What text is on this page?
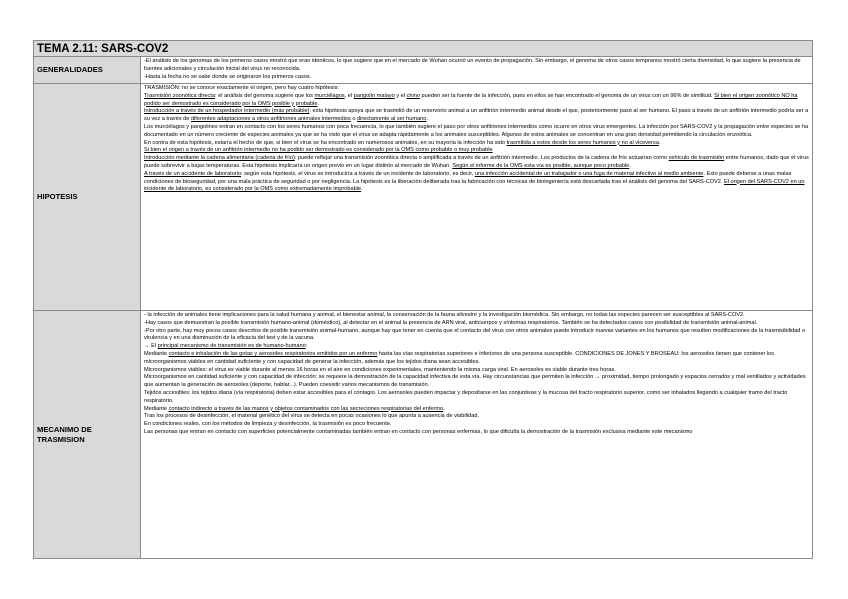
TEMA 2.11: SARS-COV2
GENERALIDADES

-El análisis de los genomas de los primeros casos mostró que eran idénticos, lo que sugiere que en el mercado de Wuhan ocurrió un evento de propagación. Sin embargo, el genoma de otros casos tempranos mostró cierta diversidad, lo que sugiere la presencia de fuentes adicionales y circulación inicial del virus no reconocida.

-Hasta la fecha no se sabe donde se originaron los primeros casos.

HIPOTESIS

TRASMISIÓN: no se conoce exactamente el origen, pero hay cuatro hipótesis:

• Trasmisión zoonótica directa: el análisis del genoma sugiere que los murciélagos, el pangolín malayo y el chino pueden ser la fuente de la infección, pues en ellos se han encontrado el genoma de un virus con un 96% de similitud. Si bien el origen zoonótico NO ha podido ser demostrado es considerado por la OMS posible y probable.

• Introducción a través de un hospedador intermedio (más probable): esta hipótesis apoya que se trasmitió de un reservorio animal a un anfitrión intermedio animal desde el que, posteriormente pasó al ser humano. El paso a través de un anfitrión intermedio podría ser a su vez a través de diferentes adaptaciones a otros anfitriones animales intermedios o directamente al ser humano.

□ Los murciélagos y pangolines entran en contacto con los seres humanos con poca frecuencia, lo que también sugiere el paso por otros anfitriones intermedios como ocurre en otros virus emergentes. La infección por SARS-COV2 y la propagación entre especies se ha documentado en un número creciente de especies animales ya que se ha visto que el virus se adapta rápidamente a los animales susceptibles. Algunos de estos animales se concentran en una gran densidad permitiendo la circulación enzoótica.

□ En contra de esta hipótesis, estaría el hecho de que, si bien el virus se ha encontrado en numerosos animales, en su mayoría la infección ha sido trasmitida a estos desde los seres humanos y no al viceversa.

□ Si bien el origen a través de un anfitrión intermedio no ha podido ser demostrado es considerado por la OMS como probable o muy probable

• Introducción mediante la cadena alimentaria (cadena de frío): puede reflejar una transmisión zoonótica directa o amplificada a través de un anfitrión intermedio. Los productos de la cadena de frío actuarían como vehículo de trasmisión entre humanos, dado que el virus puede sobrevivir a bajas temperaturas. Esta hipótesis implicaría un origen previo en un lugar distinto al mercado de Wuhan. Según el informe de la OMS esta vía es posible, aunque poco probable.

• A través de un accidente de laboratorio: según esta hipótesis, el virus se introduciría a través de un incidente de laboratorio, es decir, una infección accidental de un trabajador o una fuga de material infectivo al medio ambiente. Esto puede deberse a unas malas condiciones de bioseguridad, por una mala práctica de seguridad o por negligencia. La hipótesis es la liberación deliberada tras la fabricación con técnicas de bioingeniería está descartada tras el análisis del genoma del SARS-COV2. El origen del SARS-COV2 en un incidente de laboratorio, es considerado por la OMS como extremadamente improbable.

MECANIMO DE TRASMISION

- la infección de animales tiene implicaciones para la salud humana y animal, el bienestar animal, la conservación de la fauna silvestre y la investigación biomédica. Sin embargo, no todas las especies parecen ser susceptibles al SARS-COV2.

-Hay casos que demuestran la posible transmisión humano-animal (doméstico), al detectar en el animal la presencia de ARN viral, anticuerpos y síntomas respiratorios. También se ha detectados casos con posibilidad de transmisión animal-animal.

-Por otro parte, hay muy pocos casos descritos de posible transmisión animal-humano, aunque hay que tener en cuenta que el contacto del virus con otros animales puede introducir nuevas variantes en los humanos que resulten modificaciones de la trasmisibilidad o virulencia y en una disminución de la eficacia del test y de la vacuna.

→ El principal mecanismo de transmisión es de humano-humano:

• Mediante contacto e inhalación de las gotas y aerosoles respiratorios emitidos por un enfermo hasta las vías respiratorias superiores e inferiores de una persona susceptible. CONDICIONES DE JONES Y BROSEAU: los aerosoles tienen que contener los microorganismos viables en cantidad suficiente y con capacidad de generar la infección, además que los tejidos diana sean accesibles.

✓ Microorganismos viables: el virus es viable durante al menos 16 horas en el aire en condiciones experimentales, manteniendo la misma carga viral. En aerosoles es viable durante tres horas.

✓ Microorganismos en cantidad suficiente y con capacidad de infección: se requiere la demostración de la capacidad infectiva de esta vía. Hay circunstancias que permiten la infección → proximidad, tiempo prolongado y espacios cerrados y mal ventilados y actividades que aumentan la generación de aerosoles (deporte, hablar...). Pueden coexistir varios mecanismos de transmisión.

✓ Tejidos accesibles: los tejidos diana (vía respiratoria) deben estar accesibles para el contagio. Los aerosoles pueden impactar y depositarse en las conjuntivas y la mucosa del tracto respiratorio superior, como ser inhalados llegando a cualquier tramo del tracto respiratorio.

• Mediante contacto indirecto a través de las manos y objetos contaminados con las secreciones respiratorias del enfermo.

✓ Tras los procesos de desinfección, el material genético del virus se detecta en pocas ocasiones lo que apunta a ausencia de viabilidad.

✓ En condiciones reales, con los métodos de limpieza y desinfección, la trasmisión es poco frecuente.

✓ Las personas que entran en contacto con superficies potencialmente contaminadas también entran en contacto con personas enfermas, lo que dificulta la demostración de la trasmisión exclusiva mediante este mecanismo
